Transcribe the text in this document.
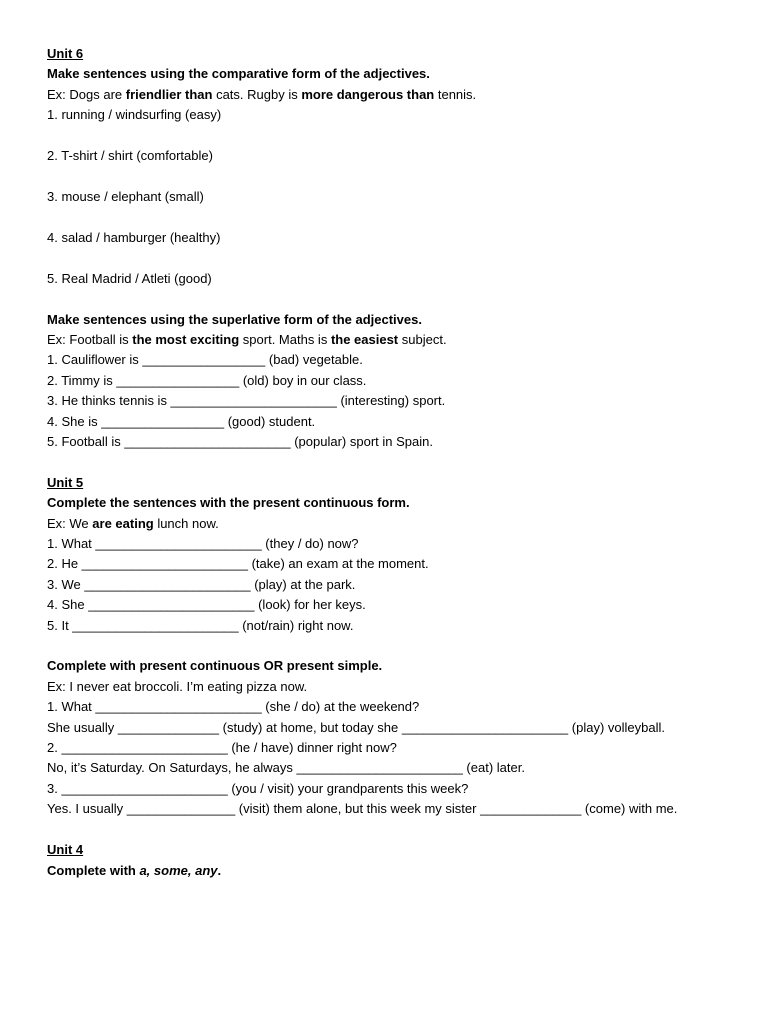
Unit 6
Make sentences using the comparative form of the adjectives.
Ex: Dogs are friendlier than cats. Rugby is more dangerous than tennis.
1. running / windsurfing (easy)
2. T-shirt / shirt (comfortable)
3. mouse / elephant (small)
4. salad / hamburger (healthy)
5. Real Madrid / Atleti (good)
Make sentences using the superlative form of the adjectives.
Ex: Football is the most exciting sport. Maths is the easiest subject.
1. Cauliflower is _________________ (bad) vegetable.
2. Timmy is _________________ (old) boy in our class.
3. He thinks tennis is _______________________ (interesting) sport.
4. She is _________________ (good) student.
5. Football is _______________________ (popular) sport in Spain.
Unit 5
Complete the sentences with the present continuous form.
Ex: We are eating lunch now.
1. What _______________________ (they / do) now?
2. He _______________________ (take) an exam at the moment.
3. We _______________________ (play) at the park.
4. She _______________________ (look) for her keys.
5. It _______________________ (not/rain) right now.
Complete with present continuous OR present simple.
Ex: I never eat broccoli. I’m eating pizza now.
1. What _______________________ (she / do) at the weekend?
She usually ______________ (study) at home, but today she _______________________ (play) volleyball.
2. _______________________ (he / have) dinner right now?
No, it’s Saturday. On Saturdays, he always _______________________ (eat) later.
3. _______________________ (you / visit) your grandparents this week?
Yes. I usually _______________ (visit) them alone, but this week my sister ______________ (come) with me.
Unit 4
Complete with a, some, any.
